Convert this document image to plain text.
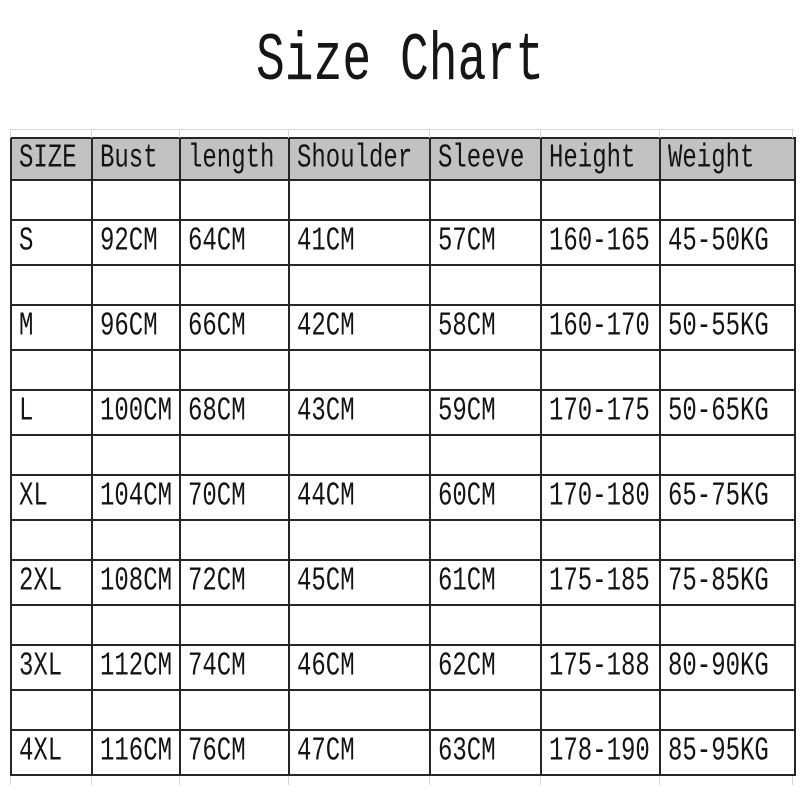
Size Chart
SIZE	Bust	length	Shoulder	Sleeve	Height	Weight

S	92CM	64CM	41CM	57CM	160-165	45-50KG

M	96CM	66CM	42CM	58CM	160-170	50-55KG

L	100CM	68CM	43CM	59CM	170-175	50-65KG

XL	104CM	70CM	44CM	60CM	170-180	65-75KG

2XL	108CM	72CM	45CM	61CM	175-185	75-85KG

3XL	112CM	74CM	46CM	62CM	175-188	80-90KG

4XL	116CM	76CM	47CM	63CM	178-190	85-95KG
